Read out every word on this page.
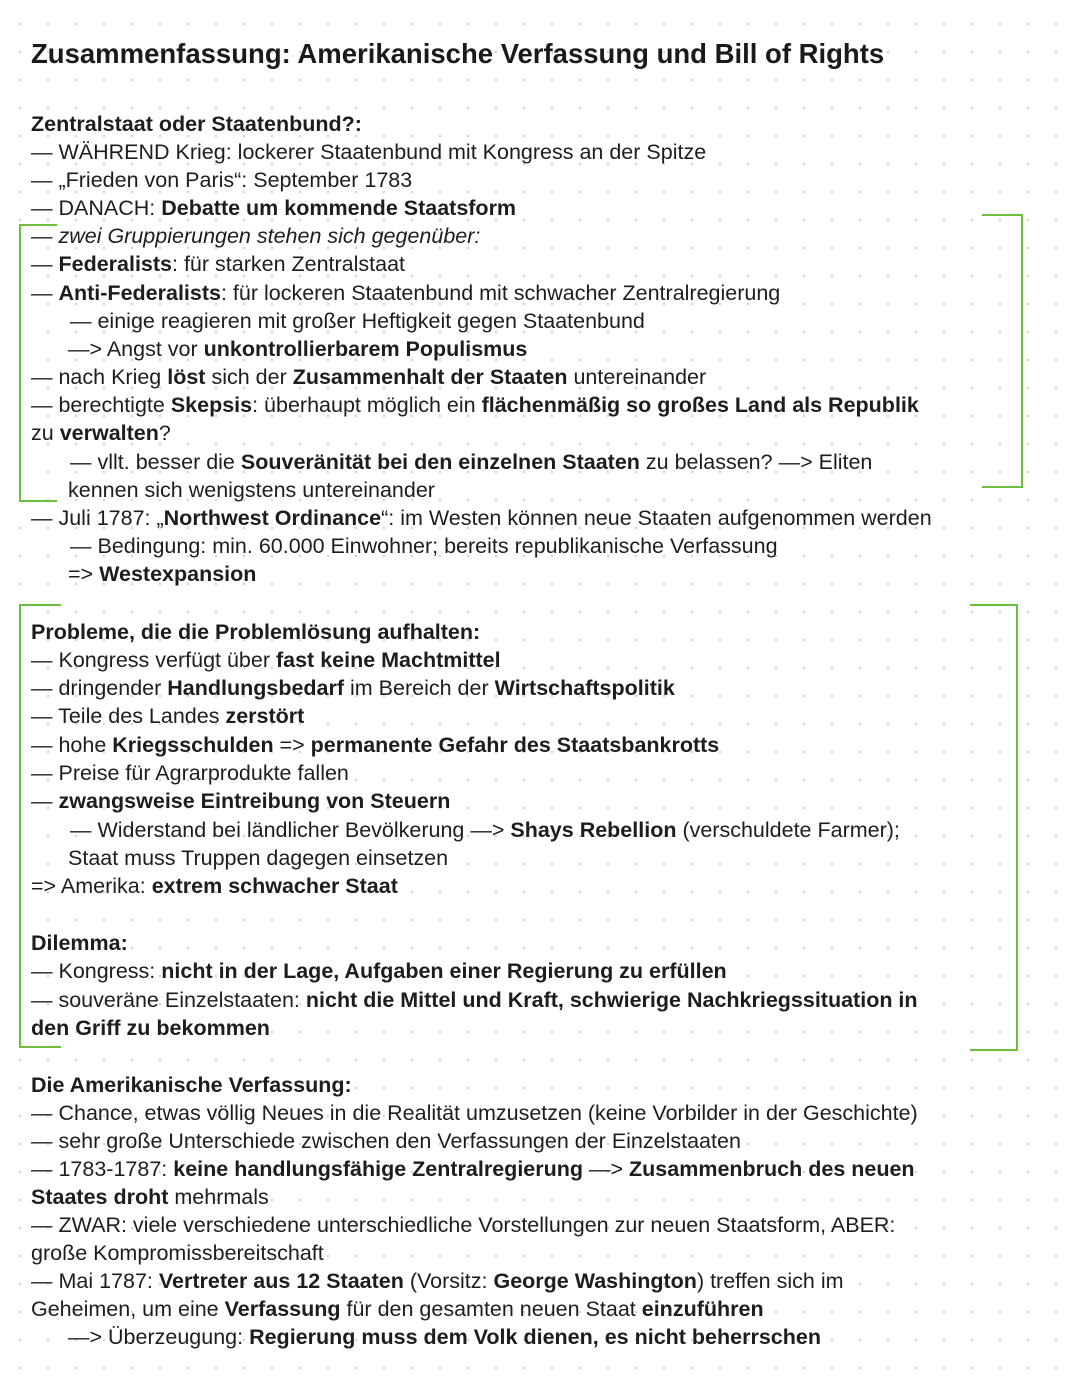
Zusammenfassung: Amerikanische Verfassung und Bill of Rights
Zentralstaat oder Staatenbund?:
— WÄHREND Krieg: lockerer Staatenbund mit Kongress an der Spitze
— „Frieden von Paris“: September 1783
— DANACH: Debatte um kommende Staatsform
— zwei Gruppierungen stehen sich gegenüber:
— Federalists: für starken Zentralstaat
— Anti-Federalists: für lockeren Staatenbund mit schwacher Zentralregierung
— einige reagieren mit großer Heftigkeit gegen Staatenbund
—> Angst vor unkontrollierbarem Populismus
— nach Krieg löst sich der Zusammenhalt der Staaten untereinander
— berechtigte Skepsis: überhaupt möglich ein flächenmäßig so großes Land als Republik
zu verwalten?
— vllt. besser die Souveränität bei den einzelnen Staaten zu belassen? —> Eliten
kennen sich wenigstens untereinander
— Juli 1787: „Northwest Ordinance“: im Westen können neue Staaten aufgenommen werden
— Bedingung: min. 60.000 Einwohner; bereits republikanische Verfassung
=> Westexpansion
Probleme, die die Problemlösung aufhalten:
— Kongress verfügt über fast keine Machtmittel
— dringender Handlungsbedarf im Bereich der Wirtschaftspolitik
— Teile des Landes zerstört
— hohe Kriegsschulden => permanente Gefahr des Staatsbankrotts
— Preise für Agrarprodukte fallen
— zwangsweise Eintreibung von Steuern
— Widerstand bei ländlicher Bevölkerung —> Shays Rebellion (verschuldete Farmer);
Staat muss Truppen dagegen einsetzen
=> Amerika: extrem schwacher Staat
Dilemma:
— Kongress: nicht in der Lage, Aufgaben einer Regierung zu erfüllen
— souveräne Einzelstaaten: nicht die Mittel und Kraft, schwierige Nachkriegssituation in
den Griff zu bekommen
Die Amerikanische Verfassung:
— Chance, etwas völlig Neues in die Realität umzusetzen (keine Vorbilder in der Geschichte)
— sehr große Unterschiede zwischen den Verfassungen der Einzelstaaten
— 1783-1787: keine handlungsfähige Zentralregierung —> Zusammenbruch des neuen
Staates droht mehrmals
— ZWAR: viele verschiedene unterschiedliche Vorstellungen zur neuen Staatsform, ABER:
große Kompromissbereitschaft
— Mai 1787: Vertreter aus 12 Staaten (Vorsitz: George Washington) treffen sich im
Geheimen, um eine Verfassung für den gesamten neuen Staat einzuführen
—> Überzeugung: Regierung muss dem Volk dienen, es nicht beherrschen
